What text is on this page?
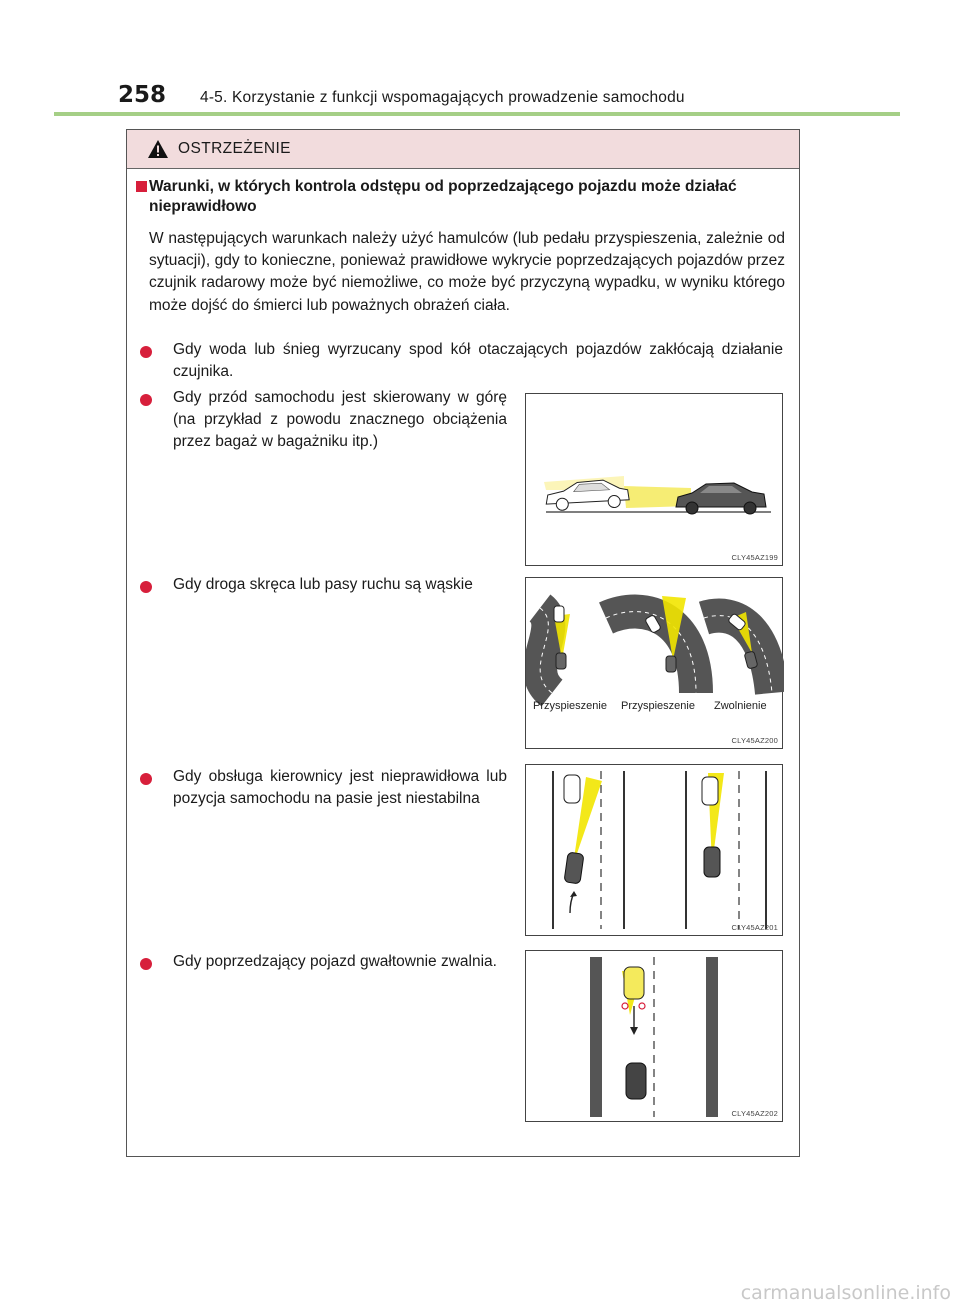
258	4-5. Korzystanie z funkcji wspomagających prowadzenie samochodu
OSTRZEŻENIE
Warunki, w których kontrola odstępu od poprzedzającego pojazdu może działać nieprawidłowo
W następujących warunkach należy użyć hamulców (lub pedału przyspieszenia, zależnie od sytuacji), gdy to konieczne, ponieważ prawidłowe wykrycie poprzedzających pojazdów przez czujnik radarowy może być niemożliwe, co może być przyczyną wypadku, w wyniku którego może dojść do śmierci lub poważnych obrażeń ciała.
Gdy woda lub śnieg wyrzucany spod kół otaczających pojazdów zakłócają działanie czujnika.
Gdy przód samochodu jest skierowany w górę (na przykład z powodu znacznego obciążenia przez bagaż w bagażniku itp.)
Gdy droga skręca lub pasy ruchu są wąskie
Gdy obsługa kierownicy jest nieprawidłowa lub pozycja samochodu na pasie jest niestabilna
Gdy poprzedzający pojazd gwałtownie zwalnia.
CLY45AZ199
Przyspieszenie Przyspieszenie Zwolnienie
CLY45AZ200
CLY45AZ201
CLY45AZ202
carmanualsonline.info
